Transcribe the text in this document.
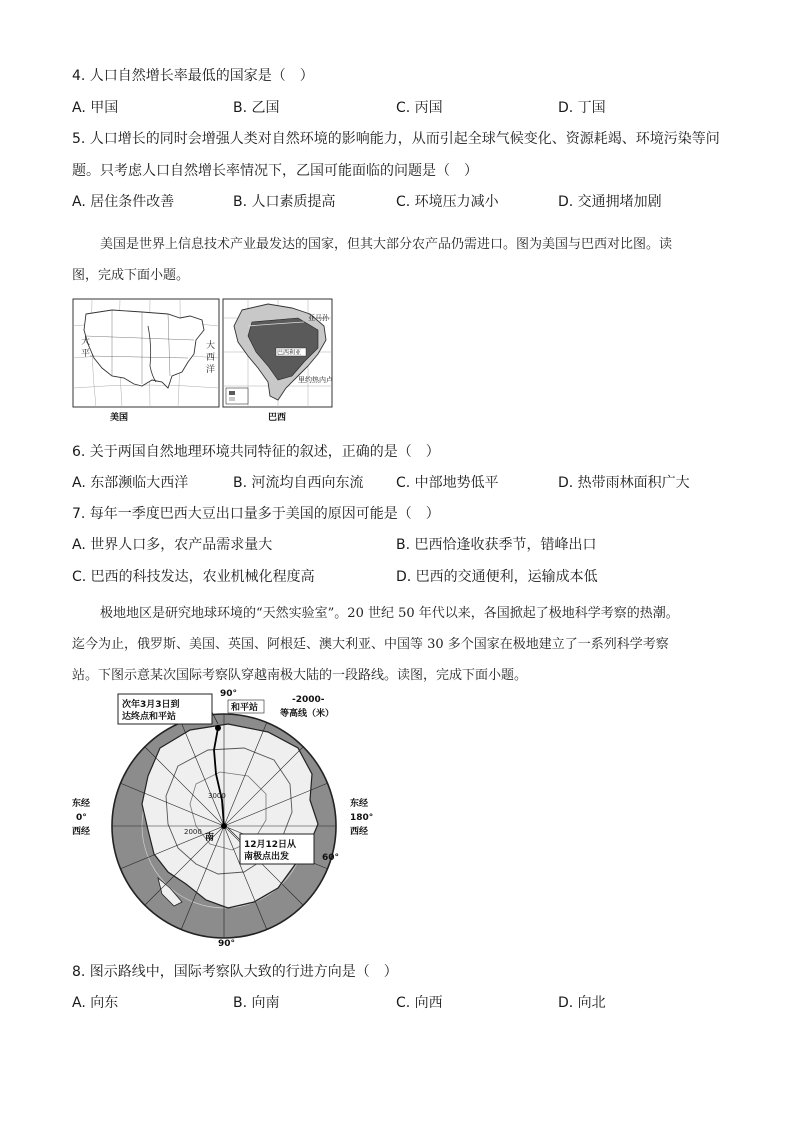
4. 人口自然增长率最低的国家是（　）
A. 甲国	B. 乙国	C. 丙国	D. 丁国
5. 人口增长的同时会增强人类对自然环境的影响能力，从而引起全球气候变化、资源耗竭、环境污染等问
题。只考虑人口自然增长率情况下，乙国可能面临的问题是（　）
A. 居住条件改善	B. 人口素质提高	C. 环境压力减小	D. 交通拥堵加剧
美国是世界上信息技术产业最发达的国家，但其大部分农产品仍需进口。图为美国与巴西对比图。读
图，完成下面小题。
大
平
大
西
洋
美国
巴西利亚
亚马孙
里约热内卢
巴西
6. 关于两国自然地理环境共同特征的叙述，正确的是（　）
A. 东部濒临大西洋	B. 河流均自西向东流 C. 中部地势低平	D. 热带雨林面积广大
7. 每年一季度巴西大豆出口量多于美国的原因可能是（　）
A. 世界人口多，农产品需求量大	B. 巴西恰逢收获季节，错峰出口
C. 巴西的科技发达，农业机械化程度高	D. 巴西的交通便利，运输成本低
极地地区是研究地球环境的“天然实验室”。20 世纪 50 年代以来，各国掀起了极地科学考察的热潮。
迄今为止，俄罗斯、美国、英国、阿根廷、澳大利亚、中国等 30 多个国家在极地建立了一系列科学考察
站。下图示意某次国际考察队穿越南极大陆的一段路线。读图，完成下面小题。
次年3月3日到
达终点和平站
90°
和平站
-2000-
等高线（米）
东经
0°
西经
东经
180°
西经
南
3000
2000
60°
12月12日从
南极点出发
90°
8. 图示路线中，国际考察队大致的行进方向是（　）
A. 向东	B. 向南	C. 向西	D. 向北
